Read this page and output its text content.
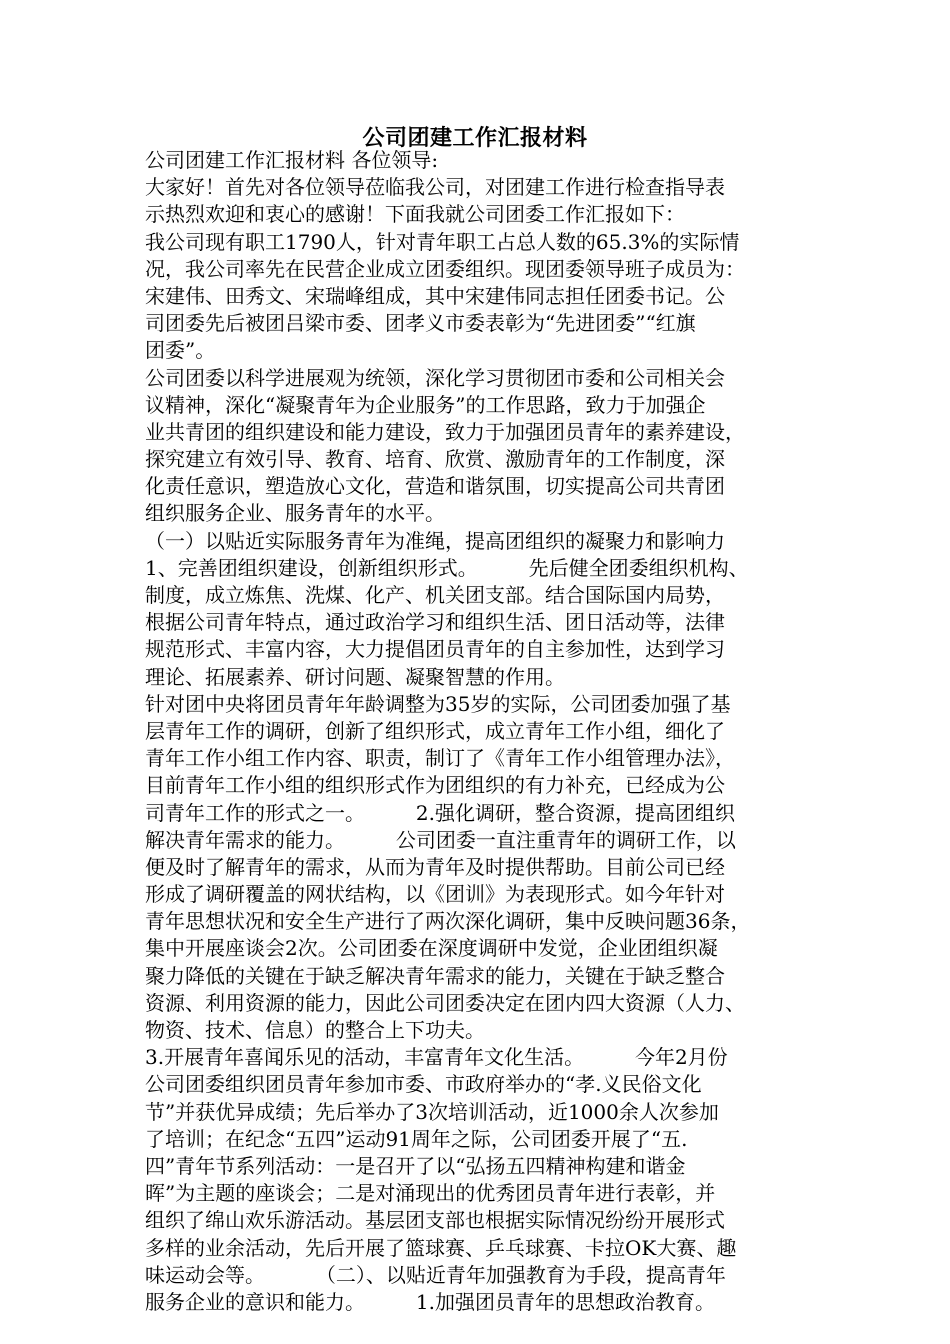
公司团建工作汇报材料
公司团建工作汇报材料 各位领导:
大家好！首先对各位领导莅临我公司，对团建工作进行检查指导表
示热烈欢迎和衷心的感谢！下面我就公司团委工作汇报如下：
我公司现有职工1790人，针对青年职工占总人数的65.3%的实际情
况，我公司率先在民营企业成立团委组织。现团委领导班子成员为：
宋建伟、田秀文、宋瑞峰组成，其中宋建伟同志担任团委书记。公
司团委先后被团吕梁市委、团孝义市委表彰为“先进团委”“红旗
团委”。
公司团委以科学进展观为统领，深化学习贯彻团市委和公司相关会
议精神，深化“凝聚青年为企业服务”的工作思路，致力于加强企
业共青团的组织建设和能力建设，致力于加强团员青年的素养建设，
探究建立有效引导、教育、培育、欣赏、激励青年的工作制度，深
化责任意识，塑造放心文化，营造和谐氛围，切实提高公司共青团
组织服务企业、服务青年的水平。
（一）以贴近实际服务青年为准绳，提高团组织的凝聚力和影响力
1、完善团组织建设，创新组织形式。        先后健全团委组织机构、
制度，成立炼焦、洗煤、化产、机关团支部。结合国际国内局势，
根据公司青年特点，通过政治学习和组织生活、团日活动等，法律
规范形式、丰富内容，大力提倡团员青年的自主参加性，达到学习
理论、拓展素养、研讨问题、凝聚智慧的作用。
针对团中央将团员青年年龄调整为35岁的实际，公司团委加强了基
层青年工作的调研，创新了组织形式，成立青年工作小组，细化了
青年工作小组工作内容、职责，制订了《青年工作小组管理办法》，
目前青年工作小组的组织形式作为团组织的有力补充，已经成为公
司青年工作的形式之一。        2.强化调研，整合资源，提高团组织
解决青年需求的能力。        公司团委一直注重青年的调研工作，以
便及时了解青年的需求，从而为青年及时提供帮助。目前公司已经
形成了调研覆盖的网状结构，以《团训》为表现形式。如今年针对
青年思想状况和安全生产进行了两次深化调研，集中反映问题36条，
集中开展座谈会2次。公司团委在深度调研中发觉，企业团组织凝
聚力降低的关键在于缺乏解决青年需求的能力，关键在于缺乏整合
资源、利用资源的能力，因此公司团委决定在团内四大资源（人力、
物资、技术、信息）的整合上下功夫。
3.开展青年喜闻乐见的活动，丰富青年文化生活。        今年2月份
公司团委组织团员青年参加市委、市政府举办的“孝.义民俗文化
节”并获优异成绩；先后举办了3次培训活动，近1000余人次参加
了培训；在纪念“五四”运动91周年之际，公司团委开展了“五.
四”青年节系列活动：一是召开了以“弘扬五四精神构建和谐金
晖”为主题的座谈会；二是对涌现出的优秀团员青年进行表彰，并
组织了绵山欢乐游活动。基层团支部也根据实际情况纷纷开展形式
多样的业余活动，先后开展了篮球赛、乒乓球赛、卡拉OK大赛、趣
味运动会等。        （二）、以贴近青年加强教育为手段，提高青年
服务企业的意识和能力。        1.加强团员青年的思想政治教育。
